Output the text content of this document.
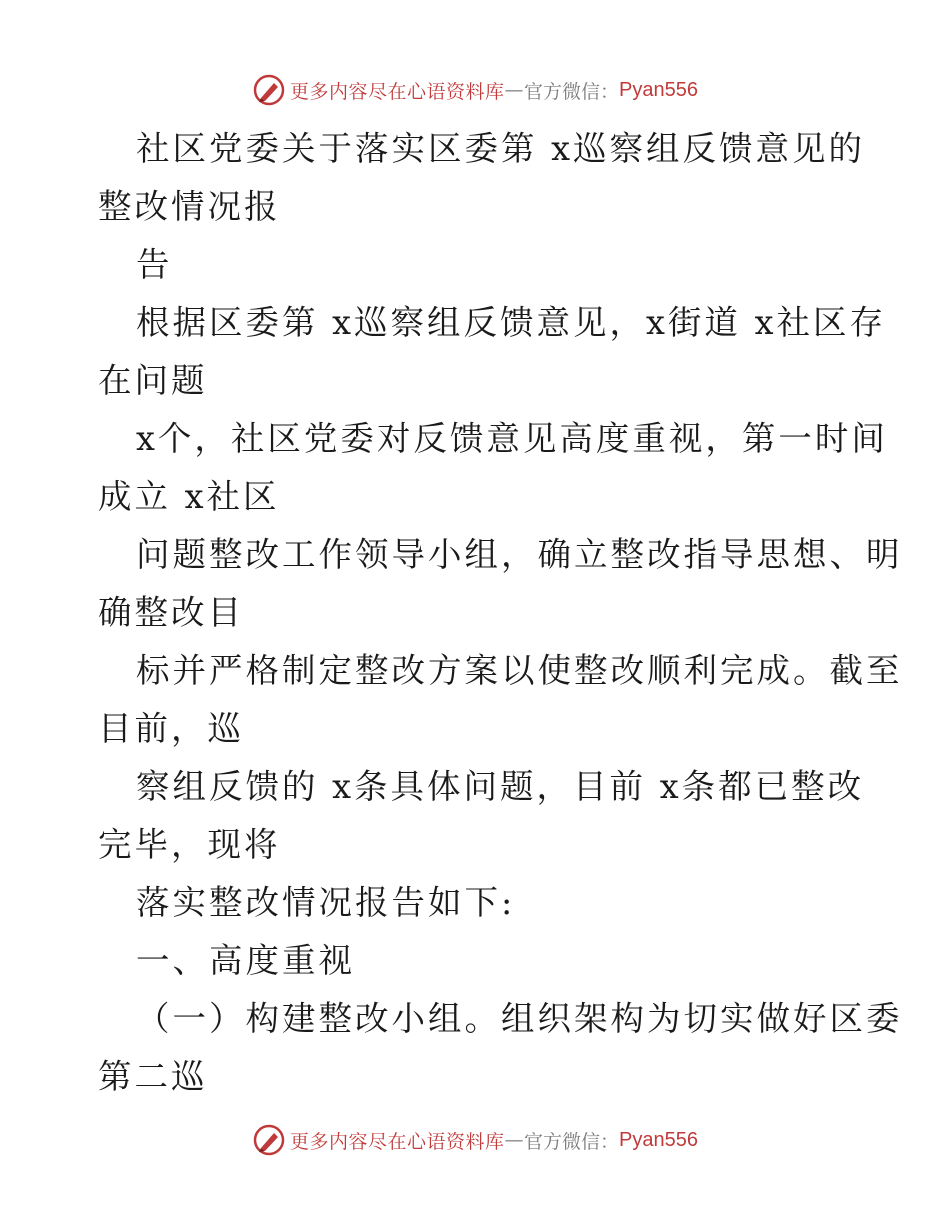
更多内容尽在心语资料库 — 官方微信： Pyan556
社区党委关于落实区委第 x巡察组反馈意见的
整改情况报
告
根据区委第 x巡察组反馈意见，x街道 x社区存
在问题
x个，社区党委对反馈意见高度重视，第一时间
成立 x社区
问题整改工作领导小组，确立整改指导思想、明
确整改目
标并严格制定整改方案以使整改顺利完成。截至
目前，巡
察组反馈的 x条具体问题，目前 x条都已整改
完毕，现将
落实整改情况报告如下:
一、高度重视
（一）构建整改小组。组织架构为切实做好区委
第二巡
更多内容尽在心语资料库 — 官方微信： Pyan556
